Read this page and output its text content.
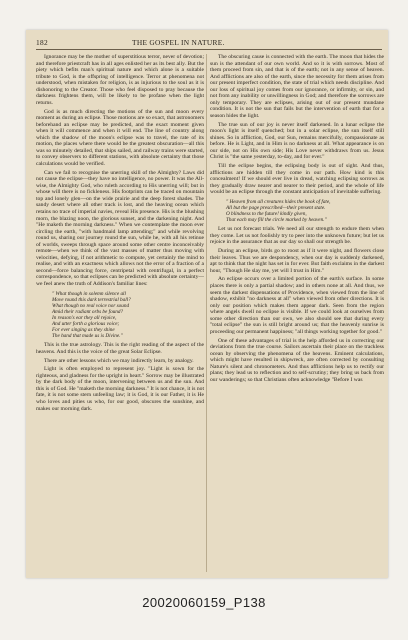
182	THE GOSPEL IN NATURE.

Ignorance may be the mother of superstitious terror, never of devotion; and therefore priestcraft has in all ages enlisted her as its best ally. But the piety which befits man's spiritual nature and which alone is a suitable tribute to God, is the offspring of intelligence. Terror at phenomena not understood, when mistaken for religion, is as injurious to the soul as it is dishonoring to the Creator. Those who feel disposed to pray because the darkness frightens them, will be likely to be profane when the light returns.

God is as much directing the motions of the sun and moon every moment as during an eclipse. Those motions are so exact, that astronomers beforehand an eclipse may be predicted, and the exact moment given when it will commence and when it will end. The line of country along which the shadow of the moon's eclipse was to travel, the rate of its motion, the places where there would be the greatest obscuration—all this was so minutely detailed, that ships sailed, and railway trains were started, to convey observers to different stations, with absolute certainty that those calculations would be verified.

Can we fail to recognise the unerring skill of the Almighty? Laws did not cause the eclipse—they have no intelligence, no power. It was the All-wise, the Almighty God, who ruleth according to His unerring will; but in whose will there is no fickleness. His footprints can be traced on mountain top and lonely glen—on the wide prairie and the deep forest shades. The sandy desert where all other track is lost, and the heaving ocean which retains no trace of imperial navies, reveal His presence. His is the blushing morn, the blazing noon, the glorious sunset, and the darkening night. And "He maketh the morning darkness." When we contemplate the moon ever circling the earth, "with handmaid lamp attending;" and while revolving round us, sharing our journey round the sun, while he, with all his retinue of worlds, sweeps through space around some other centre inconceivably remote—when we think of the vast masses of matter thus moving with velocities, defying, if not arithmetic to compute, yet certainly the mind to realise, and with an exactness which allows not the error of a fraction of a second—force balancing force, centripetal with centrifugal, in a perfect correspondence, so that eclipses can be predicted with absolute certainty—we feel anew the truth of Addison's familiar lines:

" What though in solemn silence all
Move round this dark terrestrial ball?
What though no real voice nor sound
Amid their radiant orbs be found?
In reason's ear they all rejoice,
And utter forth a glorious voice;
For ever singing as they shine
The hand that made us is Divine."

This is the true astrology. This is the right reading of the aspect of the heavens. And this is the voice of the great Solar Eclipse.

There are other lessons which we may indirectly learn, by analogy.

Light is often employed to represent joy. "Light is sown for the righteous, and gladness for the upright in heart." Sorrow may be illustrated by the dark body of the moon, intervening between us and the sun. And this is of God. He "maketh the morning darkness." It is not chance, it is not fate, it is not some stern unfeeling law; it is God, it is our Father, it is He who loves and pities us who, for our good, obscures the sunshine, and makes our morning dark.

The obscuring cause is connected with the earth. The moon that hides the sun is the attendant of our own world. And so it is with sorrows. Most of them proceed from sin, and that is of the earth; not in any sense of heaven. And afflictions are also of the earth, since the necessity for them arises from our present imperfect condition, the state of trial which needs discipline. And our loss of spiritual joy comes from our ignorance, or infirmity, or sin, and not from any inability or unwillingness in God; and therefore the sorrows are only temporary. They are eclipses, arising out of our present mundane condition. It is not the sun that fails but the intervention of earth that for a season hides the light.

The true sun of our joy is never itself darkened. In a lunar eclipse the moon's light is itself quenched; but in a solar eclipse, the sun itself still shines. So in affliction, God, our Sun, remains mercifully, compassionate as before. He is Light, and in Him is no darkness at all. What appearance is on our side, not on His own side; His Love never withdraws from us. Jesus Christ is "the same yesterday, to-day, and for ever."

Till the eclipse begins, the eclipsing body is out of sight. And thus, afflictions are hidden till they come in our path. How kind is this concealment! If we should ever live in dread, watching eclipsing sorrows as they gradually draw nearer and nearer to their period, and the whole of life would be an eclipse through the constant anticipation of inevitable suffering.

" Heaven from all creatures hides the book of fate,
All but the page prescribed—their present state.
O blindness to the future! kindly given,
That each may fill the circle marked by heaven."

Let us not forecast trials. We need all our strength to endure them when they come. Let us not foolishly try to peer into the unknown future; but let us rejoice in the assurance that as our day so shall our strength be.

During an eclipse, birds go to roost as if it were night, and flowers close their leaves. Thus we are despondency, when our day is suddenly darkened, apt to think that the night has set in for ever. But faith exclaims in the darkest hour, "Though He slay me, yet will I trust in Him."

An eclipse occurs over a limited portion of the earth's surface. In some places there is only a partial shadow; and in others none at all. And thus, we seem the darkest dispensations of Providence, when viewed from the line of shadow, exhibit "no darkness at all" when viewed from other directions. It is only our position which makes them appear dark. Seen from the region where angels dwell no eclipse is visible. If we could look at ourselves from some other direction than our own, we also should see that during every "total eclipse" the sun is still bright around us; that the heavenly sunrise is proceeding our permanent happiness; "all things working together for good."

One of these advantages of trial is the help afforded us in correcting our deviations from the true course. Sailors ascertain their place on the trackless ocean by observing the phenomena of the heavens. Eminent calculations, which might have resulted in shipwreck, are often corrected by consulting Nature's silent and chronometers. And thus afflictions help us to rectify our plans; they lead us to reflection and to self-scrutiny; they bring us back from our wanderings; so that Christians often acknowledge "Before I was

20020060159_P138
